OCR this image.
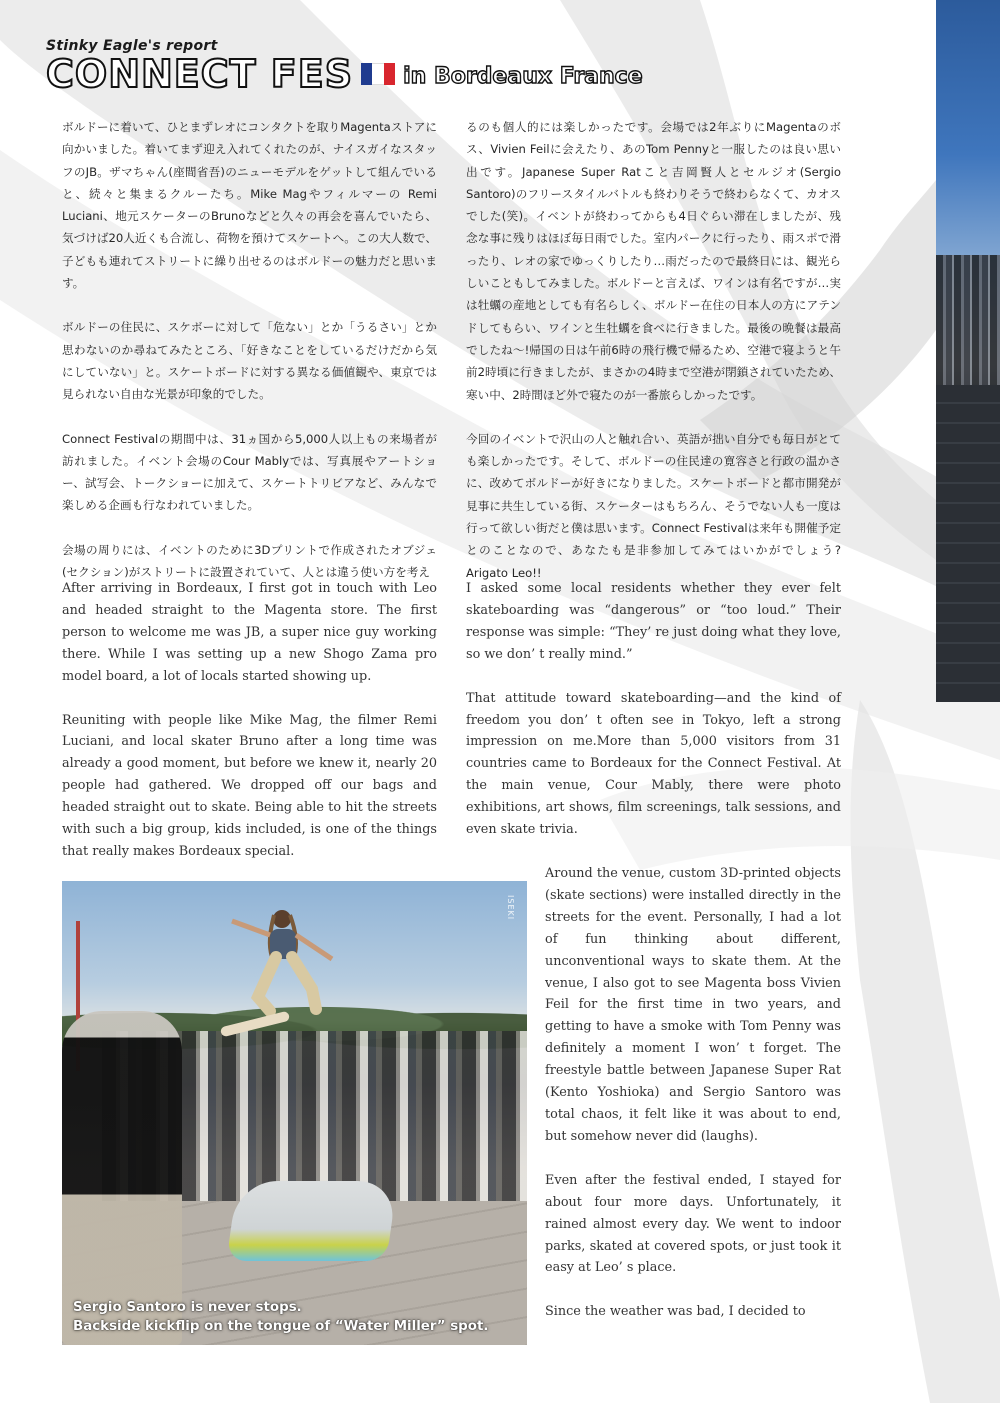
Stinky Eagle's report
CONNECT FES in Bordeaux France

ボルドーに着いて、ひとまずレオにコンタクトを取りMagentaストアに向かいました。着いてまず迎え入れてくれたのが、ナイスガイなスタッフのJB。ザマちゃん(座間省吾)のニューモデルをゲットして組んでいると、続々と集まるクルーたち。Mike Magやフィルマーの Remi Luciani、地元スケーターのBrunoなどと久々の再会を喜んでいたら、気づけば20人近くも合流し、荷物を預けてスケートへ。この大人数で、子どもも連れてストリートに繰り出せるのはボルドーの魅力だと思います。

ボルドーの住民に、スケボーに対して「危ない」とか「うるさい」とか思わないのか尋ねてみたところ、「好きなことをしているだけだから気にしていない」と。スケートボードに対する異なる価値観や、東京では見られない自由な光景が印象的でした。

Connect Festivalの期間中は、31ヵ国から5,000人以上もの来場者が訪れました。イベント会場のCour Mablyでは、写真展やアートショー、試写会、トークショーに加えて、スケートトリビアなど、みんなで楽しめる企画も行なわれていました。

会場の周りには、イベントのために3Dプリントで作成されたオブジェ(セクション)がストリートに設置されていて、人とは違う使い方を考え

るのも個人的には楽しかったです。会場では2年ぶりにMagentaのボス、Vivien Feilに会えたり、あのTom Pennyと一服したのは良い思い出です。Japanese Super Ratこと吉岡賢人とセルジオ(Sergio Santoro)のフリースタイルバトルも終わりそうで終わらなくて、カオスでした(笑)。イベントが終わってからも4日ぐらい滞在しましたが、残念な事に残りはほぼ毎日雨でした。室内パークに行ったり、雨スポで滑ったり、レオの家でゆっくりしたり…雨だったので最終日には、観光らしいこともしてみました。ボルドーと言えば、ワインは有名ですが…実は牡蠣の産地としても有名らしく、ボルドー在住の日本人の方にアテンドしてもらい、ワインと生牡蠣を食べに行きました。最後の晩餐は最高でしたね～!帰国の日は午前6時の飛行機で帰るため、空港で寝ようと午前2時頃に行きましたが、まさかの4時まで空港が閉鎖されていたため、寒い中、2時間ほど外で寝たのが一番旅らしかったです。

今回のイベントで沢山の人と触れ合い、英語が拙い自分でも毎日がとても楽しかったです。そして、ボルドーの住民達の寛容さと行政の温かさに、改めてボルドーが好きになりました。スケートボードと都市開発が見事に共生している街、スケーターはもちろん、そうでない人も一度は行って欲しい街だと僕は思います。Connect Festivalは来年も開催予定とのことなので、あなたも是非参加してみてはいかがでしょう? Arigato Leo!!

After arriving in Bordeaux, I first got in touch with Leo and headed straight to the Magenta store. The first person to welcome me was JB, a super nice guy working there. While I was setting up a new Shogo Zama pro model board, a lot of locals started showing up.

Reuniting with people like Mike Mag, the filmer Remi Luciani, and local skater Bruno after a long time was already a good moment, but before we knew it, nearly 20 people had gathered. We dropped off our bags and headed straight out to skate. Being able to hit the streets with such a big group, kids included, is one of the things that really makes Bordeaux special.

I asked some local residents whether they ever felt skateboarding was “dangerous” or “too loud.” Their response was simple: “They’ re just doing what they love, so we don’ t really mind.”

That attitude toward skateboarding—and the kind of freedom you don’ t often see in Tokyo, left a strong impression on me.More than 5,000 visitors from 31 countries came to Bordeaux for the Connect Festival. At the main venue, Cour Mably, there were photo exhibitions, art shows, film screenings, talk sessions, and even skate trivia.

Around the venue, custom 3D-printed objects (skate sections) were installed directly in the streets for the event. Personally, I had a lot of fun thinking about different, unconventional ways to skate them. At the venue, I also got to see Magenta boss Vivien Feil for the first time in two years, and getting to have a smoke with Tom Penny was definitely a moment I won’ t forget. The freestyle battle between Japanese Super Rat (Kento Yoshioka) and Sergio Santoro was total chaos, it felt like it was about to end, but somehow never did (laughs).

Even after the festival ended, I stayed for about four more days. Unfortunately, it rained almost every day. We went to indoor parks, skated at covered spots, or just took it easy at Leo’ s place.

Since the weather was bad, I decided to

ISEKI
Sergio Santoro is never stops.
Backside kickflip on the tongue of “Water Miller” spot.
